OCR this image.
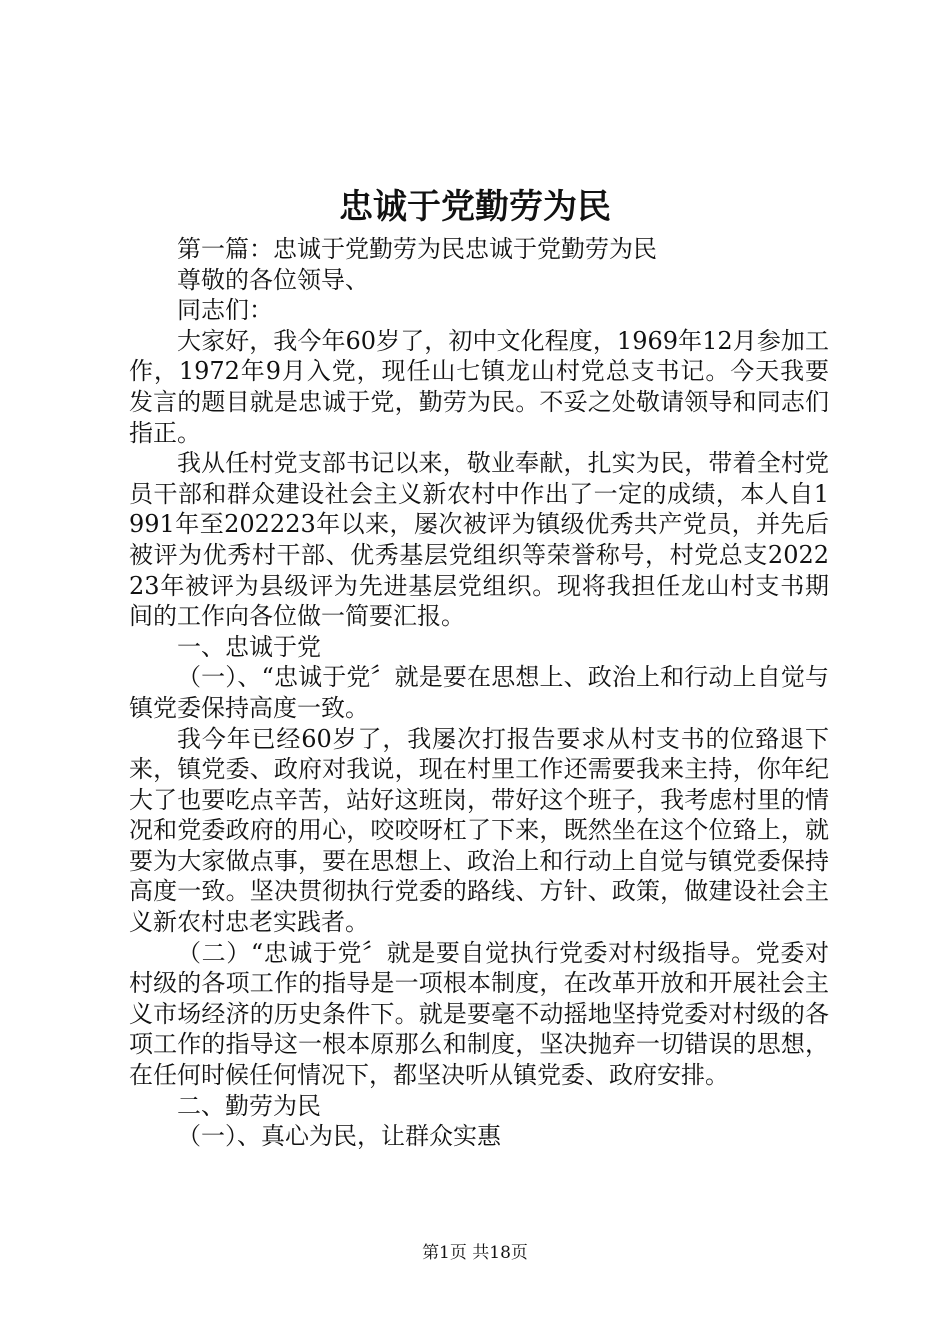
忠诚于党勤劳为民

第一篇：忠诚于党勤劳为民忠诚于党勤劳为民

尊敬的各位领导、

同志们：

大家好，我今年60岁了，初中文化程度，1969年12月参加工作，1972年9月入党，现任山七镇龙山村党总支书记。今天我要发言的题目就是忠诚于党，勤劳为民。不妥之处敬请领导和同志们指正。

我从任村党支部书记以来，敬业奉献，扎实为民，带着全村党员干部和群众建设社会主义新农村中作出了一定的成绩，本人自1991年至202223年以来，屡次被评为镇级优秀共产党员，并先后被评为优秀村干部、优秀基层党组织等荣誉称号，村党总支202223年被评为县级评为先进基层党组织。现将我担任龙山村支书期间的工作向各位做一简要汇报。

一、忠诚于党

（一）、“忠诚于党〞就是要在思想上、政治上和行动上自觉与镇党委保持高度一致。

我今年已经60岁了，我屡次打报告要求从村支书的位臵退下来，镇党委、政府对我说，现在村里工作还需要我来主持，你年纪大了也要吃点辛苦，站好这班岗，带好这个班子，我考虑村里的情况和党委政府的用心，咬咬呀杠了下来，既然坐在这个位臵上，就要为大家做点事，要在思想上、政治上和行动上自觉与镇党委保持高度一致。坚决贯彻执行党委的路线、方针、政策，做建设社会主义新农村忠老实践者。

（二）“忠诚于党〞就是要自觉执行党委对村级指导。党委对村级的各项工作的指导是一项根本制度，在改革开放和开展社会主义市场经济的历史条件下。就是要毫不动摇地坚持党委对村级的各项工作的指导这一根本原那么和制度，坚决抛弃一切错误的思想，在任何时候任何情况下，都坚决听从镇党委、政府安排。

二、勤劳为民

（一）、真心为民，让群众实惠

第1页 共18页
